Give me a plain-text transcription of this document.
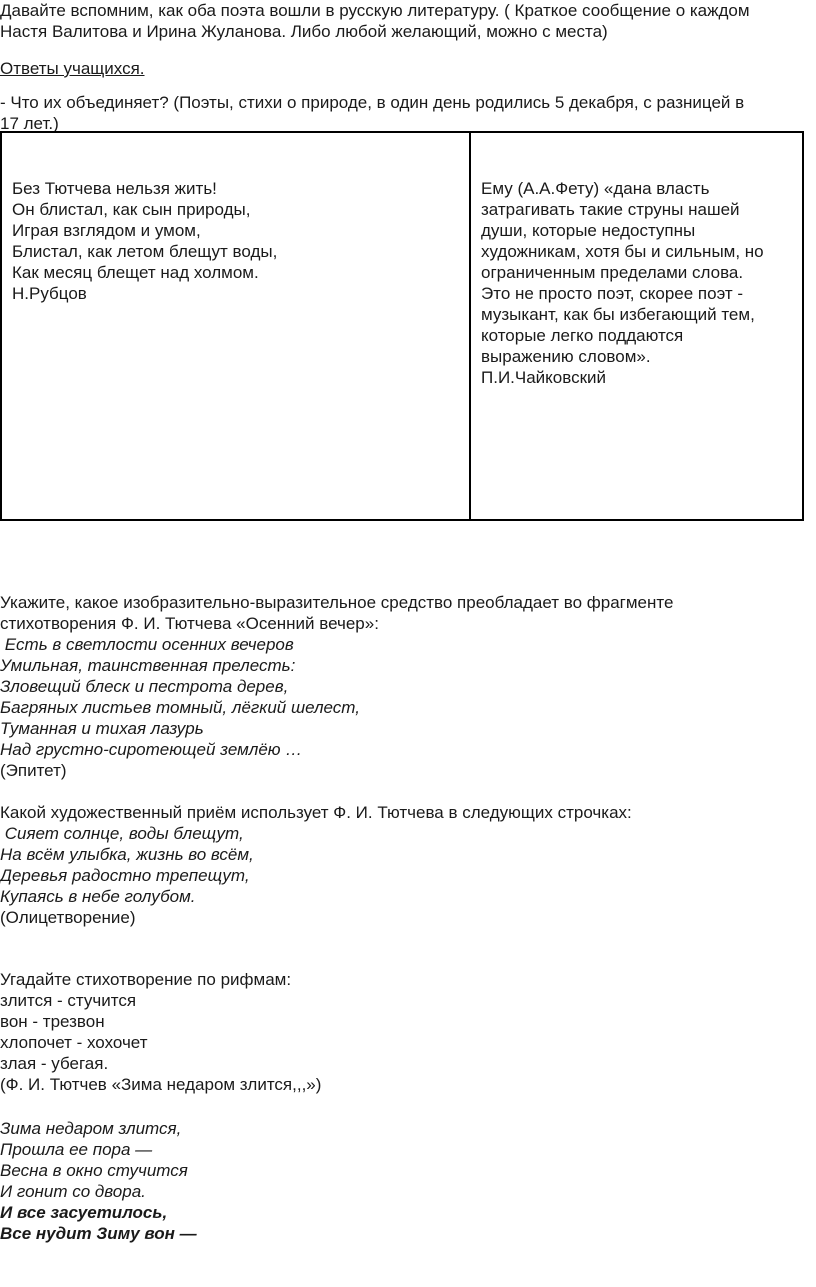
Давайте вспомним, как оба поэта вошли в русскую литературу. ( Краткое сообщение о каждом
Настя Валитова и Ирина Жуланова. Либо любой желающий, можно с места)
Ответы учащихся.
- Что их объединяет? (Поэты, стихи о природе, в один день родились 5 декабря, с разницей в
17 лет.)
Без Тютчева нельзя жить!
Он блистал, как сын природы,
Играя взглядом и умом,
Блистал, как летом блещут воды,
Как месяц блещет над холмом.
Н.Рубцов
Ему (А.А.Фету) «дана власть
затрагивать такие струны нашей
души, которые недоступны
художникам, хотя бы и сильным, но
ограниченным пределами слова.
Это не просто поэт, скорее поэт -
музыкант, как бы избегающий тем,
которые легко поддаются
выражению словом».
П.И.Чайковский
Укажите, какое изобразительно-выразительное средство преобладает во фрагменте
стихотворения Ф. И. Тютчева «Осенний вечер»:
Есть в светлости осенних вечеров
Умильная, таинственная прелесть:
Зловещий блеск и пестрота дерев,
Багряных листьев томный, лёгкий шелест,
Туманная и тихая лазурь
Над грустно-сиротеющей землёю …
(Эпитет)
Какой художественный приём использует Ф. И. Тютчева в следующих строчках:
Сияет солнце, воды блещут,
На всём улыбка, жизнь во всём,
Деревья радостно трепещут,
Купаясь в небе голубом.
(Олицетворение)
Угадайте стихотворение по рифмам:
злится - стучится
вон - трезвон
хлопочет - хохочет
злая - убегая.
(Ф. И. Тютчев «Зима недаром злится,,,»)
Зима недаром злится,
Прошла ее пора —
Весна в окно стучится
И гонит со двора.
И все засуетилось,
Все нудит Зиму вон —
